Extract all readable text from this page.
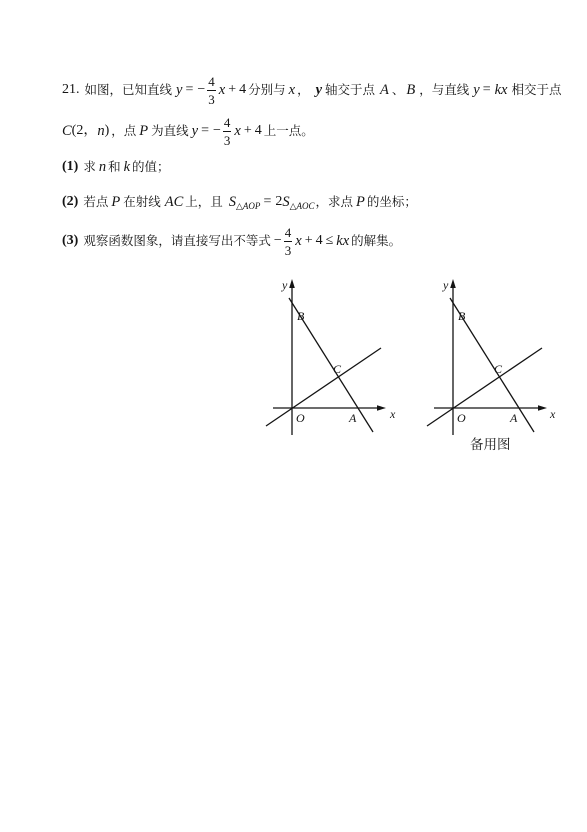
21. 如图，已知直线 y = − $\frac{4}{3}$ x + 4 分别与 x ， y 轴交于点 A 、 B ，与直线 y = kx 相交于点
C (2， n ) ，点 P 为直线 y = − $\frac{4}{3}$ x + 4 上一点。
(1) 求 n 和 k 的值；
(2) 若点 P 在射线 AC 上，且 S △AOP = 2 S △AOC ，求点 P 的坐标；
(3) 观察函数图象，请直接写出不等式 − $\frac{4}{3}$ x + 4 ≤ kx 的解集。
y
B
C
O	A	x
y
B
C
O	A	x
备用图
